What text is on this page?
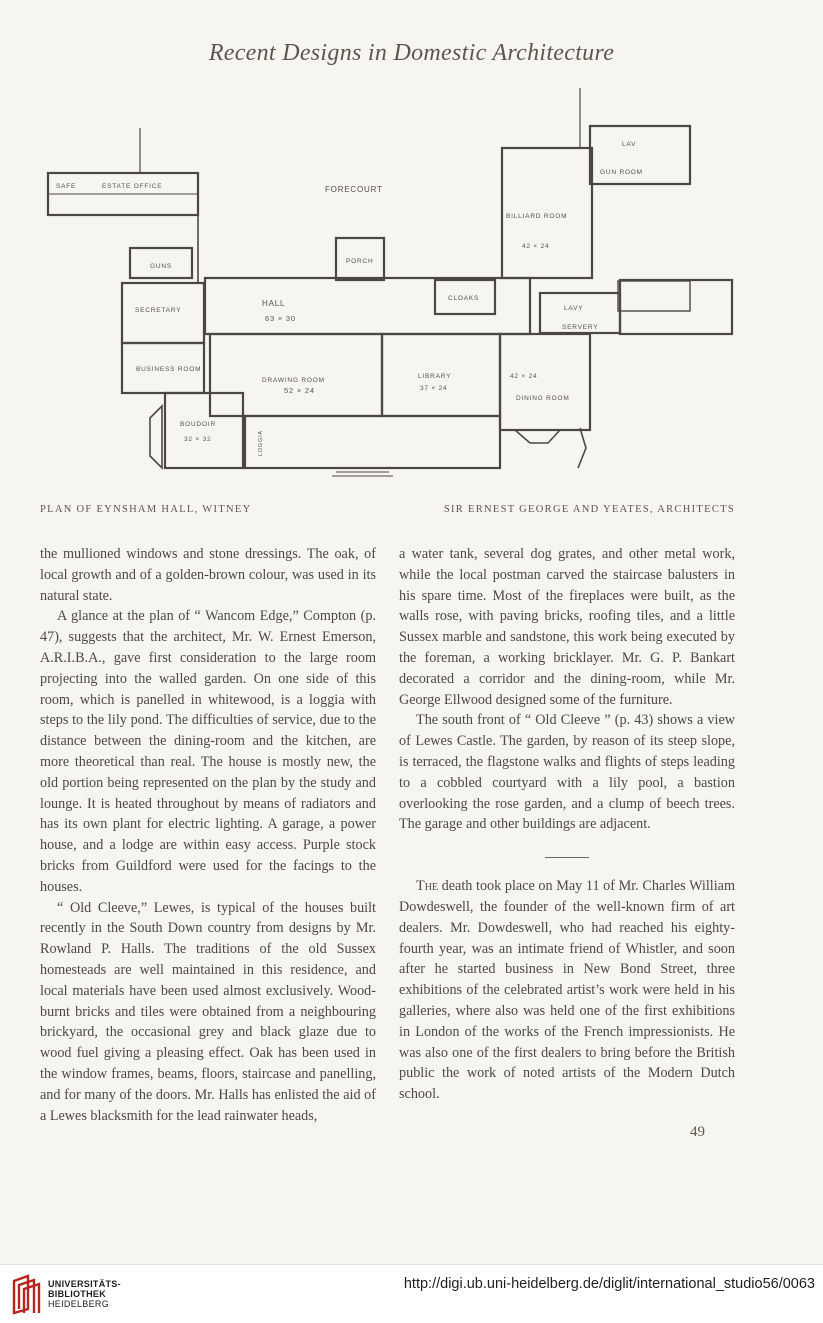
Recent Designs in Domestic Architecture
FORECOURT
SAFE	ESTATE OFFICE
GUNS
SECRETARY
BUSINESS ROOM
BOUDOIR
32 × 32
PORCH
HALL
63 × 30
DRAWING ROOM
52 × 24
LIBRARY
37 × 24
CLOAKS
LAVY
SERVERY
42 × 24
DINING ROOM
BILLIARD ROOM
42 × 24
LAV
GUN ROOM
LOGGIA
PLAN OF EYNSHAM HALL, WITNEY	SIR ERNEST GEORGE AND YEATES, ARCHITECTS

the mullioned windows and stone dressings. The oak, of local growth and of a golden-brown colour, was used in its natural state.

A glance at the plan of “ Wancom Edge,” Compton (p. 47), suggests that the architect, Mr. W. Ernest Emerson, A.R.I.B.A., gave first consideration to the large room projecting into the walled garden. On one side of this room, which is panelled in whitewood, is a loggia with steps to the lily pond. The difficulties of service, due to the distance between the dining-room and the kitchen, are more theoretical than real. The house is mostly new, the old portion being represented on the plan by the study and lounge. It is heated throughout by means of radiators and has its own plant for electric lighting. A garage, a power house, and a lodge are within easy access. Purple stock bricks from Guildford were used for the facings to the houses.

“ Old Cleeve,” Lewes, is typical of the houses built recently in the South Down country from designs by Mr. Rowland P. Halls. The traditions of the old Sussex homesteads are well maintained in this residence, and local materials have been used almost exclusively. Wood-burnt bricks and tiles were obtained from a neighbouring brickyard, the occasional grey and black glaze due to wood fuel giving a pleasing effect. Oak has been used in the window frames, beams, floors, staircase and panelling, and for many of the doors. Mr. Halls has enlisted the aid of a Lewes blacksmith for the lead rainwater heads,

a water tank, several dog grates, and other metal work, while the local postman carved the staircase balusters in his spare time. Most of the fireplaces were built, as the walls rose, with paving bricks, roofing tiles, and a little Sussex marble and sandstone, this work being executed by the foreman, a working bricklayer. Mr. G. P. Bankart decorated a corridor and the dining-room, while Mr. George Ellwood designed some of the furniture.

The south front of “ Old Cleeve ” (p. 43) shows a view of Lewes Castle. The garden, by reason of its steep slope, is terraced, the flagstone walks and flights of steps leading to a cobbled courtyard with a lily pool, a bastion overlooking the rose garden, and a clump of beech trees. The garage and other buildings are adjacent.

The death took place on May 11 of Mr. Charles William Dowdeswell, the founder of the well-known firm of art dealers. Mr. Dowdeswell, who had reached his eighty-fourth year, was an intimate friend of Whistler, and soon after he started business in New Bond Street, three exhibitions of the celebrated artist’s work were held in his galleries, where also was held one of the first exhibitions in London of the works of the French impressionists. He was also one of the first dealers to bring before the British public the work of noted artists of the Modern Dutch school.

49
UNIVERSITÄTS-
BIBLIOTHEK
HEIDELBERG
http://digi.ub.uni-heidelberg.de/diglit/international_studio56/0063
